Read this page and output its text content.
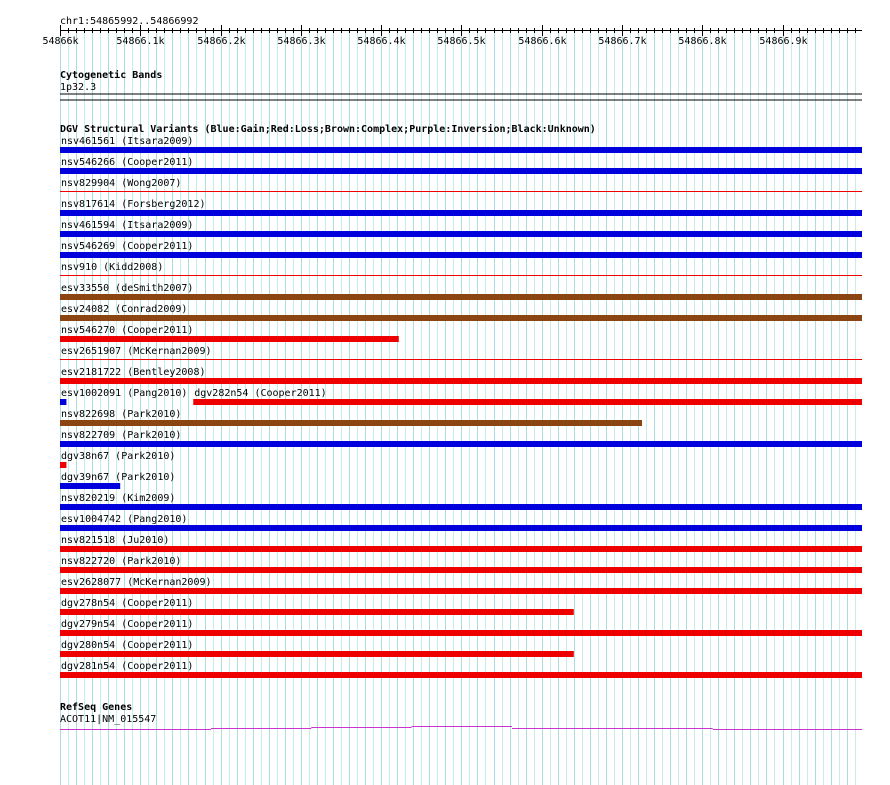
chr1:54865992..54866992
54866k	54866.1k	54866.2k	54866.3k	54866.4k	54866.5k	54866.6k	54866.7k	54866.8k	54866.9k
Cytogenetic Bands
1p32.3
DGV Structural Variants (Blue:Gain;Red:Loss;Brown:Complex;Purple:Inversion;Black:Unknown)
nsv461561 (Itsara2009)
nsv546266 (Cooper2011)
nsv829904 (Wong2007)
nsv817614 (Forsberg2012)
nsv461594 (Itsara2009)
nsv546269 (Cooper2011)
nsv910 (Kidd2008)
esv33550 (deSmith2007)
esv24082 (Conrad2009)
nsv546270 (Cooper2011)
esv2651907 (McKernan2009)
esv2181722 (Bentley2008)
esv1002091 (Pang2010) dgv282n54 (Cooper2011)
nsv822698 (Park2010)
nsv822709 (Park2010)
dgv38n67 (Park2010)
dgv39n67 (Park2010)
nsv820219 (Kim2009)
esv1004742 (Pang2010)
nsv821518 (Ju2010)
nsv822720 (Park2010)
esv2628077 (McKernan2009)
dgv278n54 (Cooper2011)
dgv279n54 (Cooper2011)
dgv280n54 (Cooper2011)
dgv281n54 (Cooper2011)
RefSeq Genes
ACOT11|NM_015547
